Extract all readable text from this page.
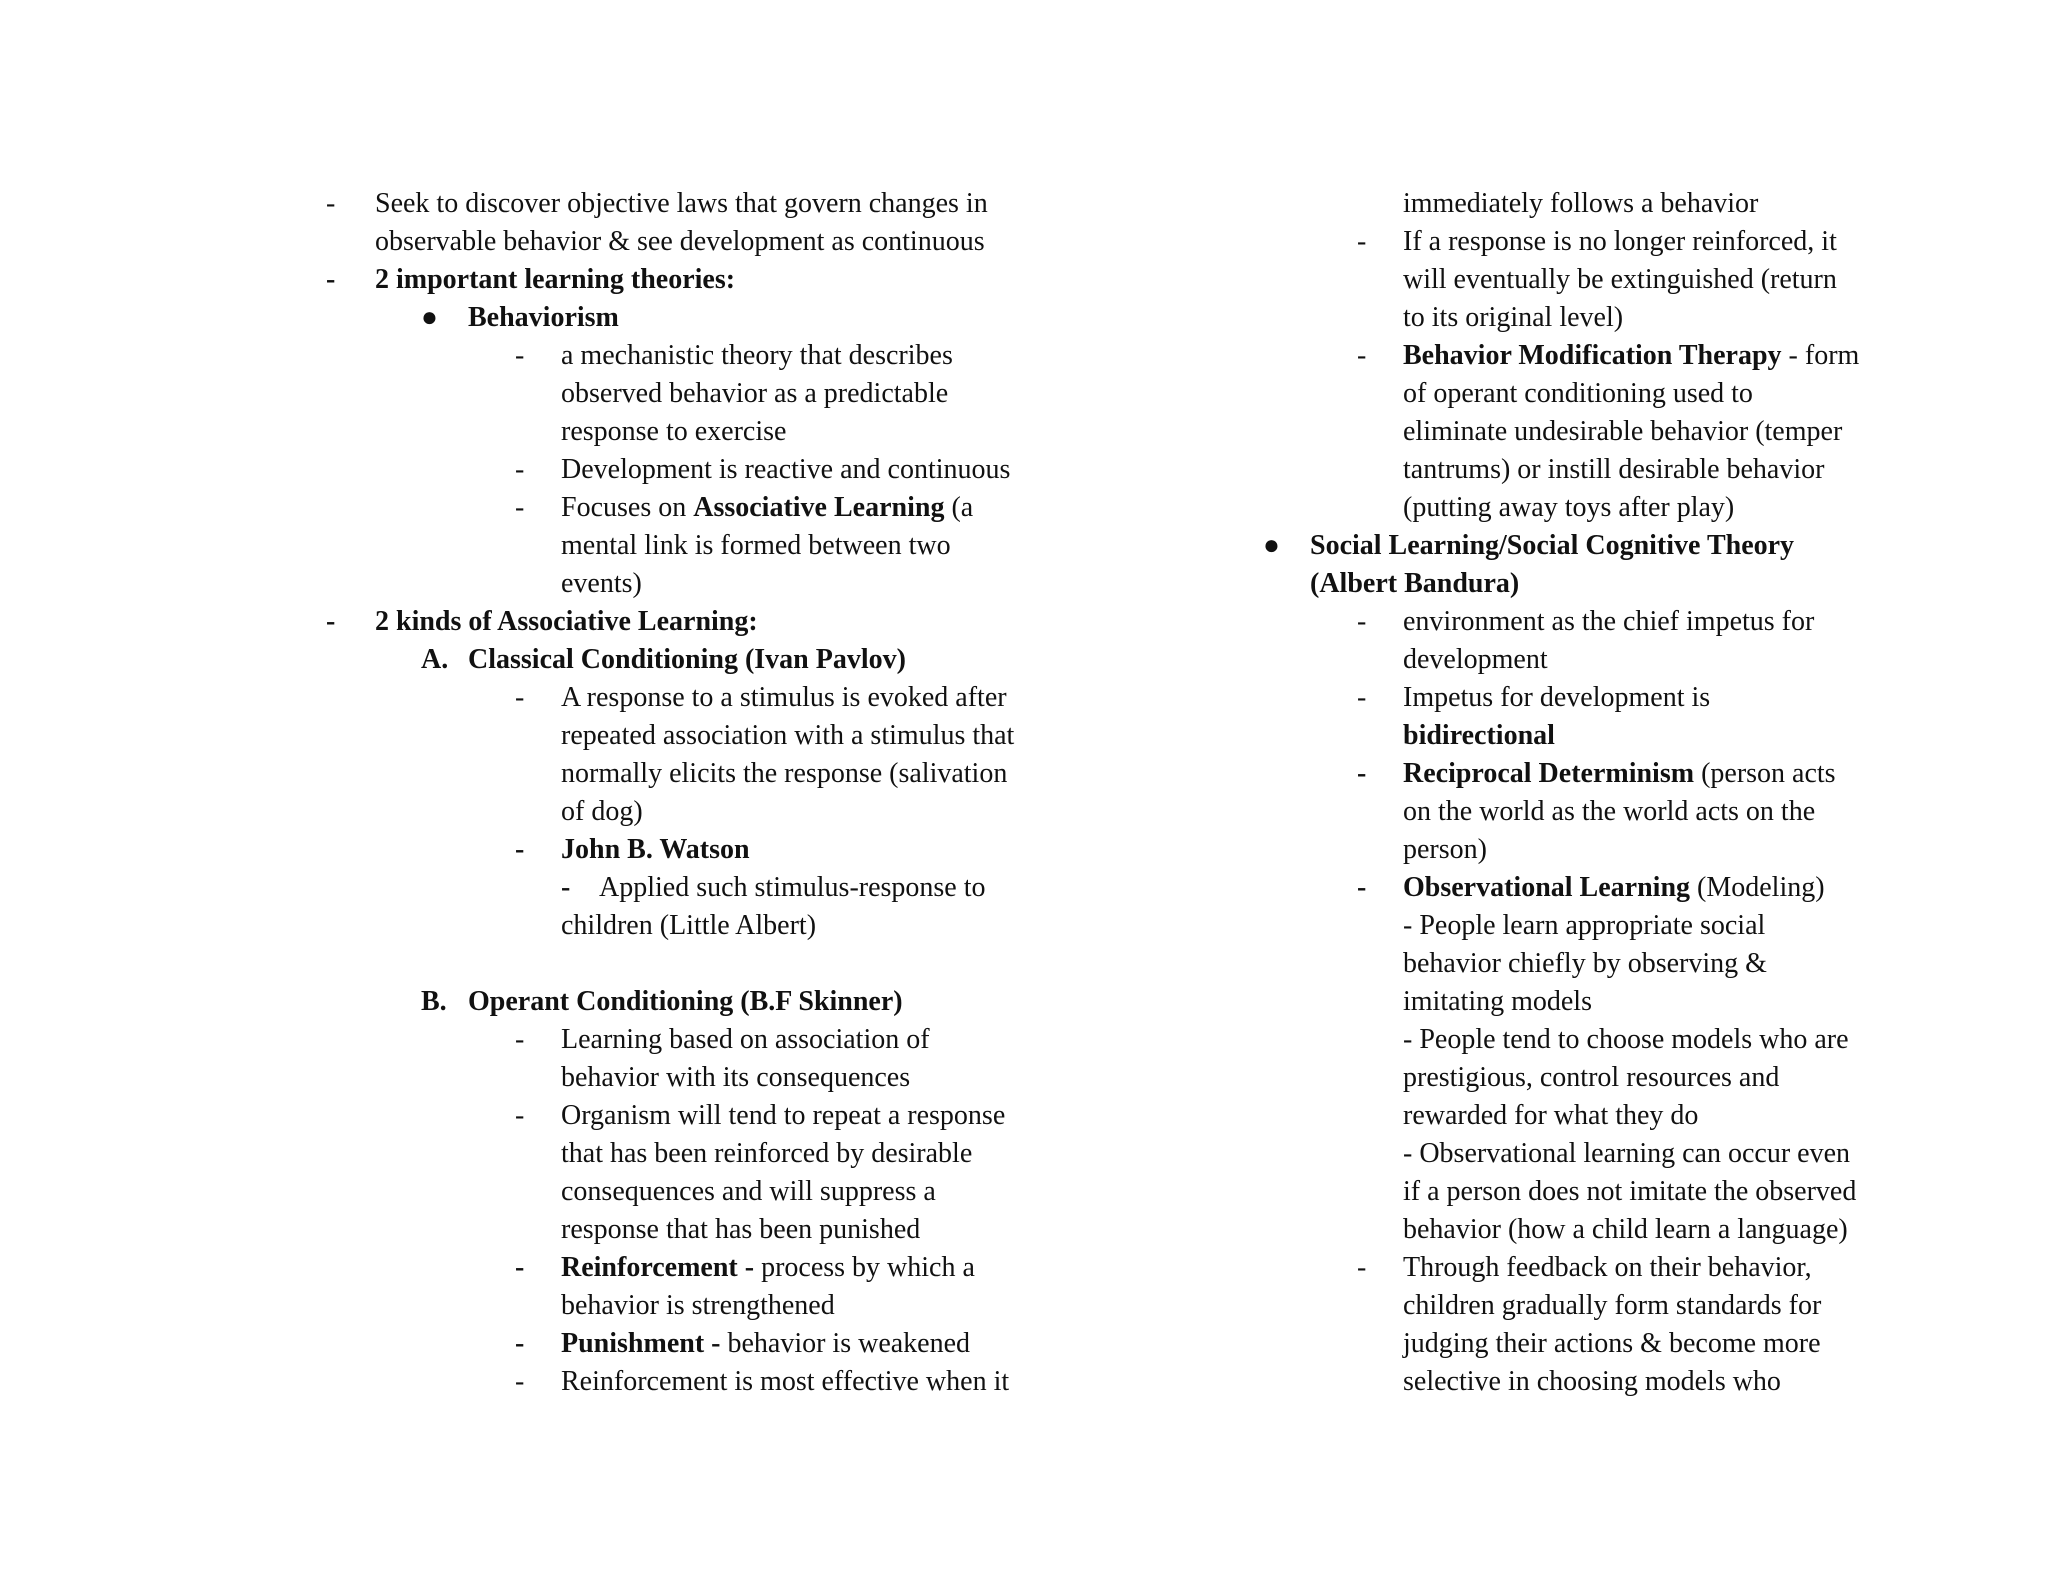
- Seek to discover objective laws that govern changes in
observable behavior & see development as continuous
- 2 important learning theories:
● Behaviorism
- a mechanistic theory that describes
observed behavior as a predictable
response to exercise
- Development is reactive and continuous
- Focuses on Associative Learning (a
mental link is formed between two
events)
- 2 kinds of Associative Learning:
A. Classical Conditioning (Ivan Pavlov)
- A response to a stimulus is evoked after
repeated association with a stimulus that
normally elicits the response (salivation
of dog)
- John B. Watson
- Applied such stimulus-response to
children (Little Albert)
B. Operant Conditioning (B.F Skinner)
- Learning based on association of
behavior with its consequences
- Organism will tend to repeat a response
that has been reinforced by desirable
consequences and will suppress a
response that has been punished
- Reinforcement - process by which a
behavior is strengthened
- Punishment - behavior is weakened
- Reinforcement is most effective when it
immediately follows a behavior
- If a response is no longer reinforced, it
will eventually be extinguished (return
to its original level)
- Behavior Modification Therapy - form
of operant conditioning used to
eliminate undesirable behavior (temper
tantrums) or instill desirable behavior
(putting away toys after play)
● Social Learning/Social Cognitive Theory
(Albert Bandura)
- environment as the chief impetus for
development
- Impetus for development is
bidirectional
- Reciprocal Determinism (person acts
on the world as the world acts on the
person)
- Observational Learning (Modeling)
- People learn appropriate social
behavior chiefly by observing &
imitating models
- People tend to choose models who are
prestigious, control resources and
rewarded for what they do
- Observational learning can occur even
if a person does not imitate the observed
behavior (how a child learn a language)
- Through feedback on their behavior,
children gradually form standards for
judging their actions & become more
selective in choosing models who
